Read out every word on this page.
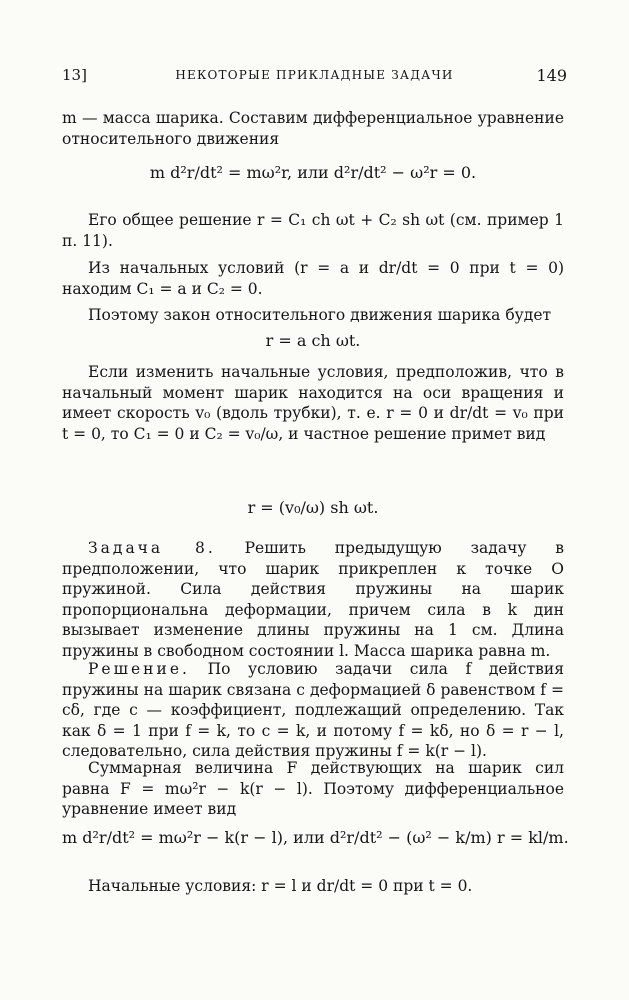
13]	НЕКОТОРЫЕ ПРИКЛАДНЫЕ ЗАДАЧИ	149
m — масса шарика. Составим дифференциальное уравнение относительного движения
m d²r/dt² = mω²r, или d²r/dt² − ω²r = 0.
Его общее решение r = C₁ ch ωt + C₂ sh ωt (см. пример 1 п. 11).
Из начальных условий (r = a и dr/dt = 0 при t = 0) находим C₁ = a и C₂ = 0.
Поэтому закон относительного движения шарика будет
r = a ch ωt.
Если изменить начальные условия, предположив, что в начальный момент шарик находится на оси вращения и имеет скорость v₀ (вдоль трубки), т. е. r = 0 и dr/dt = v₀ при t = 0, то C₁ = 0 и C₂ = v₀/ω, и частное решение примет вид
r = (v₀/ω) sh ωt.
Задача 8. Решить предыдущую задачу в предположении, что шарик прикреплен к точке O пружиной. Сила действия пружины на шарик пропорциональна деформации, причем сила в k дин вызывает изменение длины пружины на 1 см. Длина пружины в свободном состоянии l. Масса шарика равна m.
Решение. По условию задачи сила f действия пружины на шарик связана с деформацией δ равенством f = cδ, где c — коэффициент, подлежащий определению. Так как δ = 1 при f = k, то c = k, и потому f = kδ, но δ = r − l, следовательно, сила действия пружины f = k(r − l).
Суммарная величина F действующих на шарик сил равна F = mω²r − k(r − l). Поэтому дифференциальное уравнение имеет вид
m d²r/dt² = mω²r − k(r − l), или d²r/dt² − (ω² − k/m) r = kl/m.
Начальные условия: r = l и dr/dt = 0 при t = 0.
